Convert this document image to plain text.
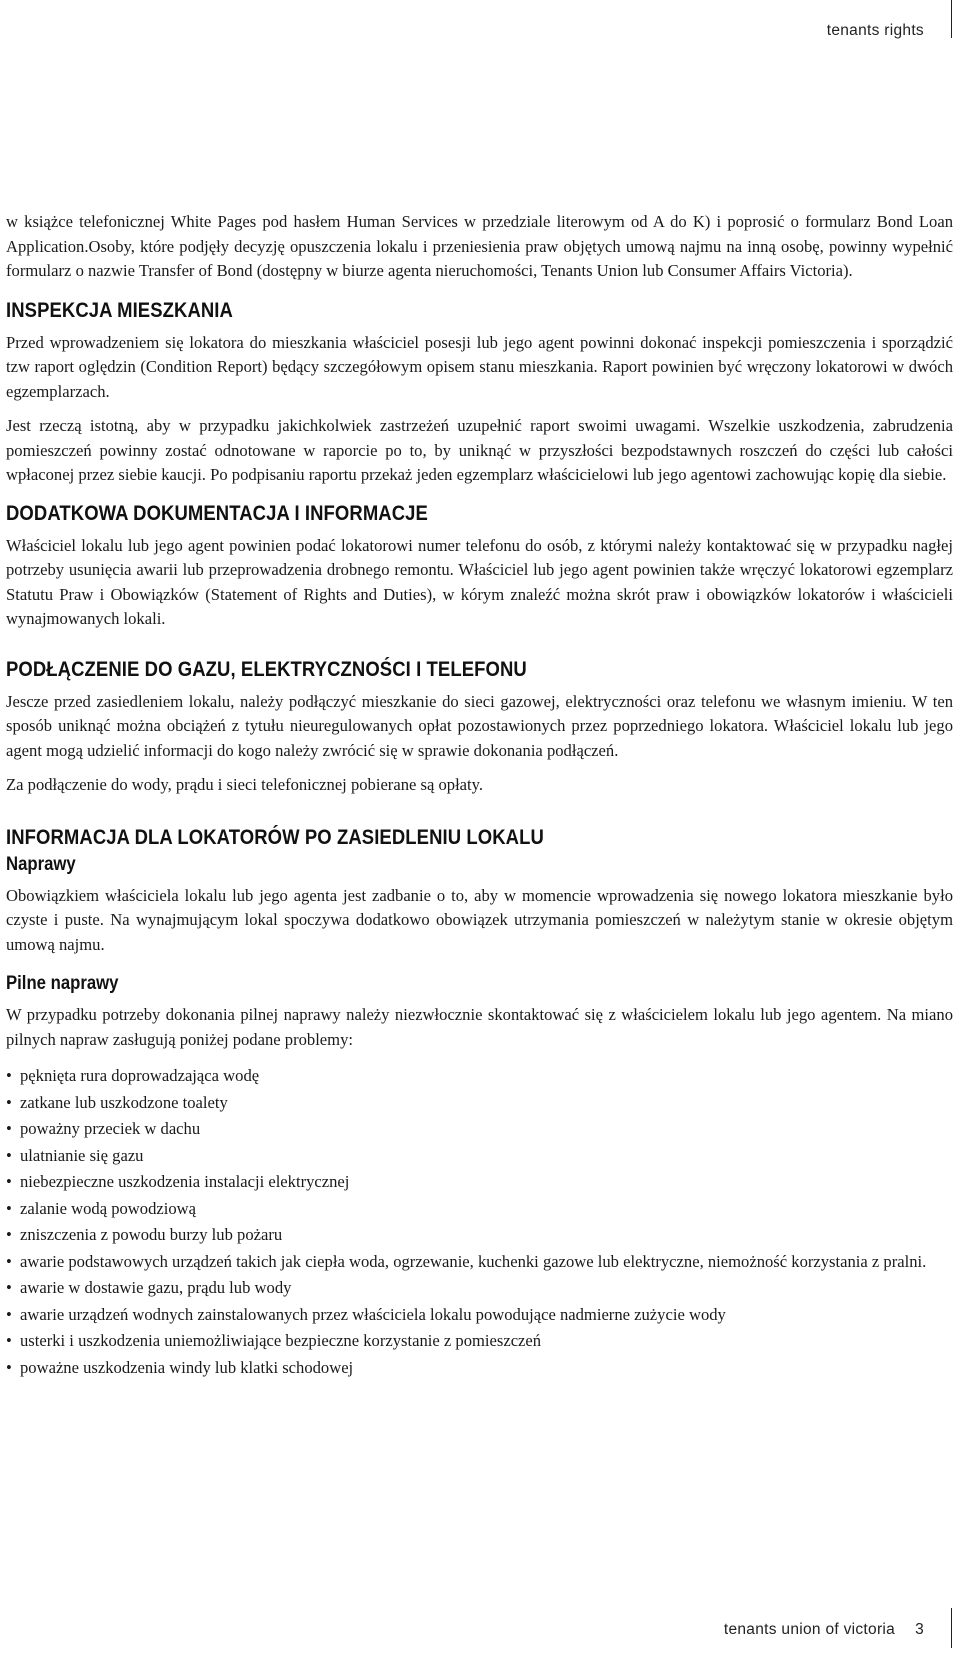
tenants rights

w książce telefonicznej White Pages pod hasłem Human Services w przedziale literowym od A do K) i poprosić o formularz Bond Loan Application.Osoby, które podjęły decyzję opuszczenia lokalu i przeniesienia praw objętych umową najmu na inną osobę, powinny wypełnić formularz o nazwie Transfer of Bond (dostępny w biurze agenta nieruchomości, Tenants Union lub Consumer Affairs Victoria).

INSPEKCJA MIESZKANIA

Przed wprowadzeniem się lokatora do mieszkania właściciel posesji lub jego agent powinni dokonać inspekcji pomieszczenia i sporządzić tzw raport oględzin (Condition Report) będący szczegółowym opisem stanu mieszkania. Raport powinien być wręczony lokatorowi w dwóch egzemplarzach.

Jest rzeczą istotną, aby w przypadku jakichkolwiek zastrzeżeń uzupełnić raport swoimi uwagami. Wszelkie uszkodzenia, zabrudzenia pomieszczeń powinny zostać odnotowane w raporcie po to, by uniknąć w przyszłości bezpodstawnych roszczeń do części lub całości wpłaconej przez siebie kaucji. Po podpisaniu raportu przekaż jeden egzemplarz właścicielowi lub jego agentowi zachowując kopię dla siebie.

DODATKOWA DOKUMENTACJA I INFORMACJE

Właściciel lokalu lub jego agent powinien podać lokatorowi numer telefonu do osób, z którymi należy kontaktować się w przypadku nagłej potrzeby usunięcia awarii lub przeprowadzenia drobnego remontu. Właściciel lub jego agent powinien także wręczyć lokatorowi egzemplarz Statutu Praw i Obowiązków (Statement of Rights and Duties), w kórym znaleźć można skrót praw i obowiązków lokatorów i właścicieli wynajmowanych lokali.

PODŁĄCZENIE DO GAZU, ELEKTRYCZNOŚCI I TELEFONU

Jescze przed zasiedleniem lokalu, należy podłączyć mieszkanie do sieci gazowej, elektryczności oraz telefonu we własnym imieniu. W ten sposób uniknąć można obciążeń z tytułu nieuregulowanych opłat pozostawionych przez poprzedniego lokatora. Właściciel lokalu lub jego agent mogą udzielić informacji do kogo należy zwrócić się w sprawie dokonania podłączeń.

Za podłączenie do wody, prądu i sieci telefonicznej pobierane są opłaty.

INFORMACJA DLA LOKATORÓW PO ZASIEDLENIU LOKALU
Naprawy

Obowiązkiem właściciela lokalu lub jego agenta jest zadbanie o to, aby w momencie wprowadzenia się nowego lokatora mieszkanie było czyste i puste. Na wynajmującym lokal spoczywa dodatkowo obowiązek utrzymania pomieszczeń w należytym stanie w okresie objętym umową najmu.

Pilne naprawy

W przypadku potrzeby dokonania pilnej naprawy należy niezwłocznie skontaktować się z właścicielem lokalu lub jego agentem. Na miano pilnych napraw zasługują poniżej podane problemy:

• pęknięta rura doprowadzająca wodę
• zatkane lub uszkodzone toalety
• poważny przeciek w dachu
• ulatnianie się gazu
• niebezpieczne uszkodzenia instalacji elektrycznej
• zalanie wodą powodziową
• zniszczenia z powodu burzy lub pożaru
• awarie podstawowych urządzeń takich jak ciepła woda, ogrzewanie, kuchenki gazowe lub elektryczne, niemożność korzystania z pralni.
• awarie w dostawie gazu, prądu lub wody
• awarie urządzeń wodnych zainstalowanych przez właściciela lokalu powodujące nadmierne zużycie wody
• usterki i uszkodzenia uniemożliwiające bezpieczne korzystanie z pomieszczeń
• poważne uszkodzenia windy lub klatki schodowej
tenants union of victoria 3
